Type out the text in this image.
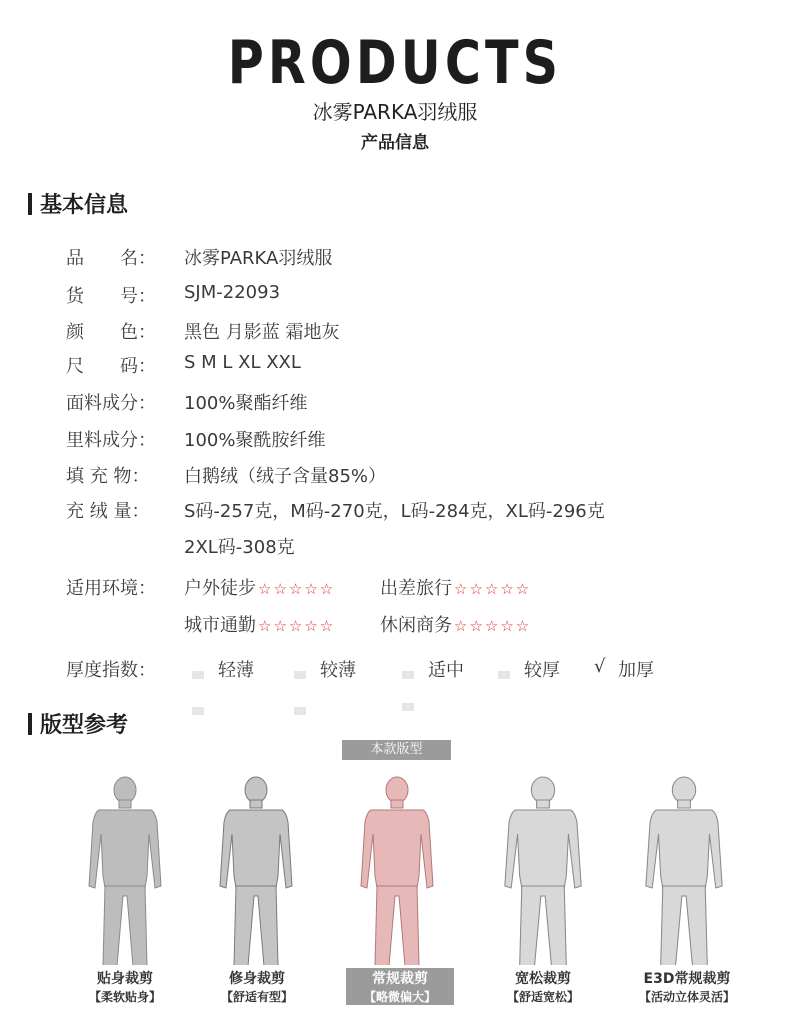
PRODUCTS
冰雾PARKA羽绒服
产品信息
基本信息
品　　名：	冰雾PARKA羽绒服
货　　号：	SJM-22093
颜　　色：	黑色 月影蓝 霜地灰
尺　　码：	S M L XL XXL
面料成分：	100%聚酯纤维
里料成分：	100%聚酰胺纤维
填 充 物：	白鹅绒（绒子含量85%）
充 绒 量：	S码-257克，M码-270克，L码-284克，XL码-296克
2XL码-308克
适用环境：	户外徒步 ☆☆☆☆☆ 出差旅行 ☆☆☆☆☆
城市通勤 ☆☆☆☆☆ 休闲商务 ☆☆☆☆☆
厚度指数：	轻薄	较薄	适中	较厚 √ 加厚
版型参考
本款版型
贴身裁剪
【柔软贴身】
修身裁剪
【舒适有型】
常规裁剪
【略微偏大】
宽松裁剪
【舒适宽松】
E3D常规裁剪
【活动立体灵活】
